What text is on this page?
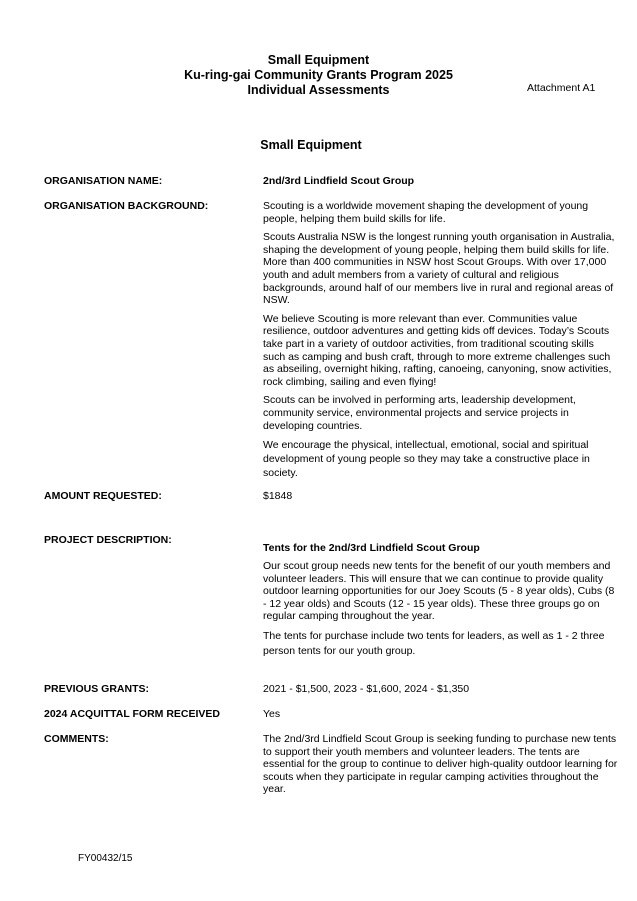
Small Equipment
Ku-ring-gai Community Grants Program 2025
Individual Assessments	Attachment A1
Small Equipment
ORGANISATION NAME:	2nd/3rd Lindfield Scout Group
ORGANISATION BACKGROUND:	Scouting is a worldwide movement shaping the development of young people, helping them build skills for life.

Scouts Australia NSW is the longest running youth organisation in Australia, shaping the development of young people, helping them build skills for life. More than 400 communities in NSW host Scout Groups. With over 17,000 youth and adult members from a variety of cultural and religious backgrounds, around half of our members live in rural and regional areas of NSW.

We believe Scouting is more relevant than ever. Communities value resilience, outdoor adventures and getting kids off devices. Today’s Scouts take part in a variety of outdoor activities, from traditional scouting skills such as camping and bush craft, through to more extreme challenges such as abseiling, overnight hiking, rafting, canoeing, canyoning, snow activities, rock climbing, sailing and even flying!

Scouts can be involved in performing arts, leadership development, community service, environmental projects and service projects in developing countries.

We encourage the physical, intellectual, emotional, social and spiritual development of young people so they may take a constructive place in society.

AMOUNT REQUESTED:	$1848
PROJECT DESCRIPTION:
Tents for the 2nd/3rd Lindfield Scout Group

Our scout group needs new tents for the benefit of our youth members and volunteer leaders. This will ensure that we can continue to provide quality outdoor learning opportunities for our Joey Scouts (5 - 8 year olds), Cubs (8 - 12 year olds) and Scouts (12 - 15 year olds). These three groups go on regular camping throughout the year.

The tents for purchase include two tents for leaders, as well as 1 - 2 three person tents for our youth group.

PREVIOUS GRANTS:	2021 - $1,500, 2023 - $1,600, 2024 - $1,350
2024 ACQUITTAL FORM RECEIVED	Yes
COMMENTS:	The 2nd/3rd Lindfield Scout Group is seeking funding to purchase new tents to support their youth members and volunteer leaders. The tents are essential for the group to continue to deliver high-quality outdoor learning for scouts when they participate in regular camping activities throughout the year.
FY00432/15
